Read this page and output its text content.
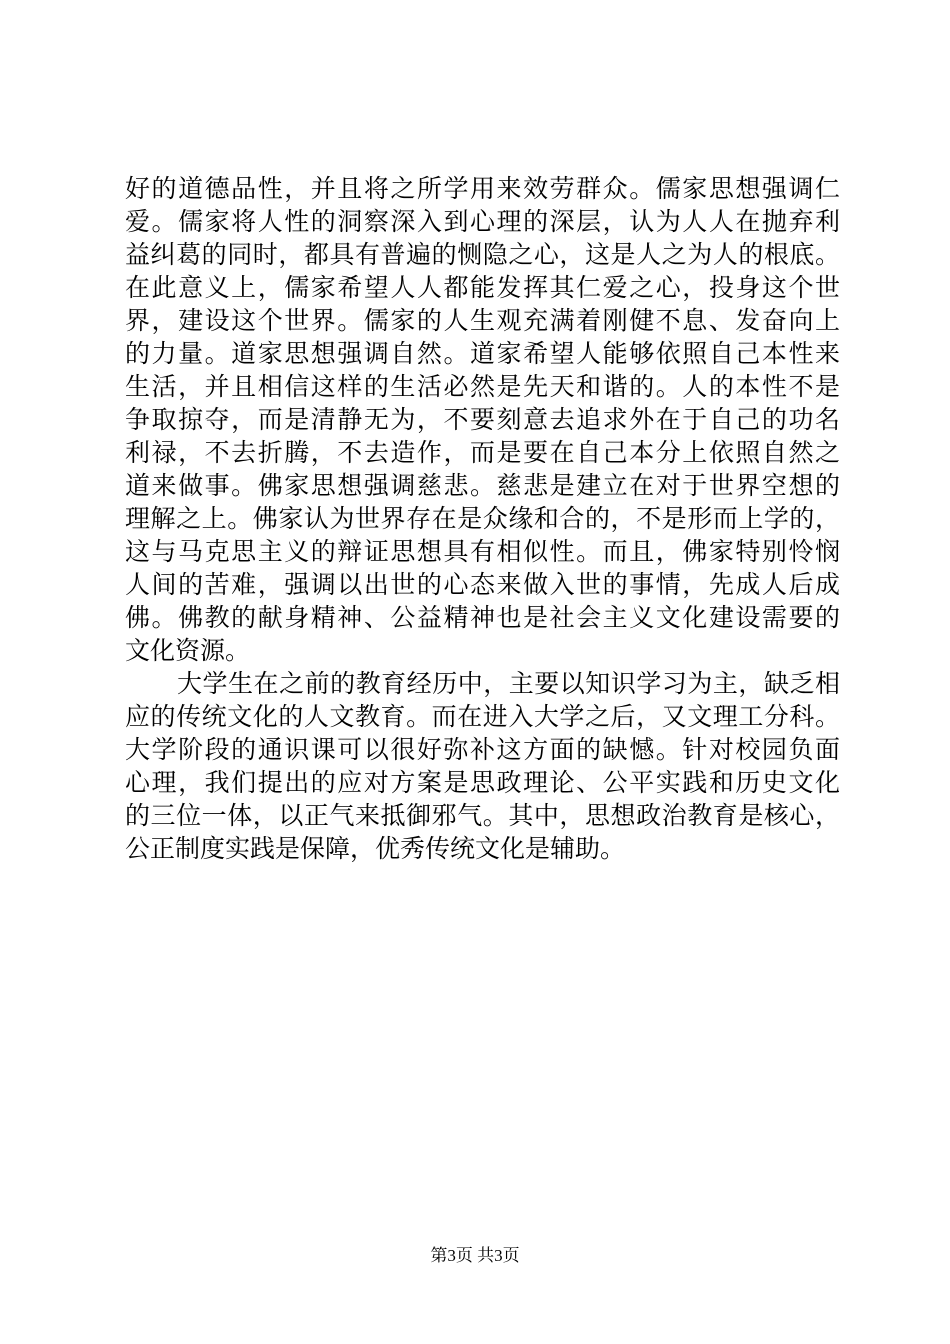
好的道德品性，并且将之所学用来效劳群众。儒家思想强调仁
爱。儒家将人性的洞察深入到心理的深层，认为人人在抛弃利
益纠葛的同时，都具有普遍的恻隐之心，这是人之为人的根底。
在此意义上，儒家希望人人都能发挥其仁爱之心，投身这个世
界，建设这个世界。儒家的人生观充满着刚健不息、发奋向上
的力量。道家思想强调自然。道家希望人能够依照自己本性来
生活，并且相信这样的生活必然是先天和谐的。人的本性不是
争取掠夺，而是清静无为，不要刻意去追求外在于自己的功名
利禄，不去折腾，不去造作，而是要在自己本分上依照自然之
道来做事。佛家思想强调慈悲。慈悲是建立在对于世界空想的
理解之上。佛家认为世界存在是众缘和合的，不是形而上学的，
这与马克思主义的辩证思想具有相似性。而且，佛家特别怜悯
人间的苦难，强调以出世的心态来做入世的事情，先成人后成
佛。佛教的献身精神、公益精神也是社会主义文化建设需要的
文化资源。
大学生在之前的教育经历中，主要以知识学习为主，缺乏相
应的传统文化的人文教育。而在进入大学之后，又文理工分科。
大学阶段的通识课可以很好弥补这方面的缺憾。针对校园负面
心理，我们提出的应对方案是思政理论、公平实践和历史文化
的三位一体，以正气来抵御邪气。其中，思想政治教育是核心，
公正制度实践是保障，优秀传统文化是辅助。
第3页 共3页
